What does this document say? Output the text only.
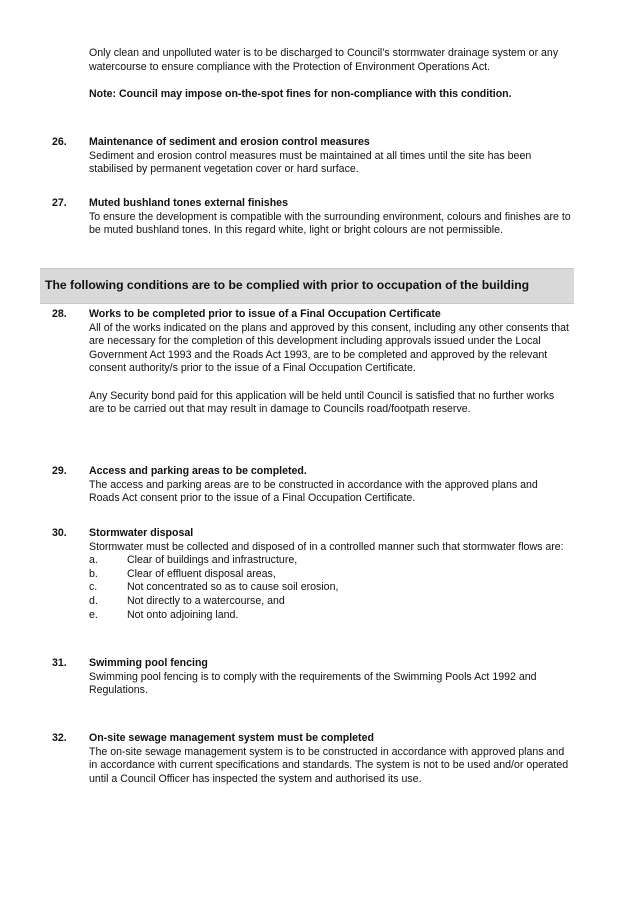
Only clean and unpolluted water is to be discharged to Council’s stormwater drainage system or any watercourse to ensure compliance with the Protection of Environment Operations Act.

Note: Council may impose on-the-spot fines for non-compliance with this condition.

26. Maintenance of sediment and erosion control measures

Sediment and erosion control measures must be maintained at all times until the site has been stabilised by permanent vegetation cover or hard surface.

27. Muted bushland tones external finishes

To ensure the development is compatible with the surrounding environment, colours and finishes are to be muted bushland tones. In this regard white, light or bright colours are not permissible.

The following conditions are to be complied with prior to occupation of the building
28. Works to be completed prior to issue of a Final Occupation Certificate

All of the works indicated on the plans and approved by this consent, including any other consents that are necessary for the completion of this development including approvals issued under the Local Government Act 1993 and the Roads Act 1993, are to be completed and approved by the relevant consent authority/s prior to the issue of a Final Occupation Certificate.

Any Security bond paid for this application will be held until Council is satisfied that no further works are to be carried out that may result in damage to Councils road/footpath reserve.

29. Access and parking areas to be completed.

The access and parking areas are to be constructed in accordance with the approved plans and Roads Act consent prior to the issue of a Final Occupation Certificate.

30. Stormwater disposal

Stormwater must be collected and disposed of in a controlled manner such that stormwater flows are:

a.	Clear of buildings and infrastructure,
b.	Clear of effluent disposal areas,
c.	Not concentrated so as to cause soil erosion,
d.	Not directly to a watercourse, and
e.	Not onto adjoining land.
31. Swimming pool fencing

Swimming pool fencing is to comply with the requirements of the Swimming Pools Act 1992 and Regulations.

32. On-site sewage management system must be completed

The on-site sewage management system is to be constructed in accordance with approved plans and in accordance with current specifications and standards. The system is not to be used and/or operated until a Council Officer has inspected the system and authorised its use.
